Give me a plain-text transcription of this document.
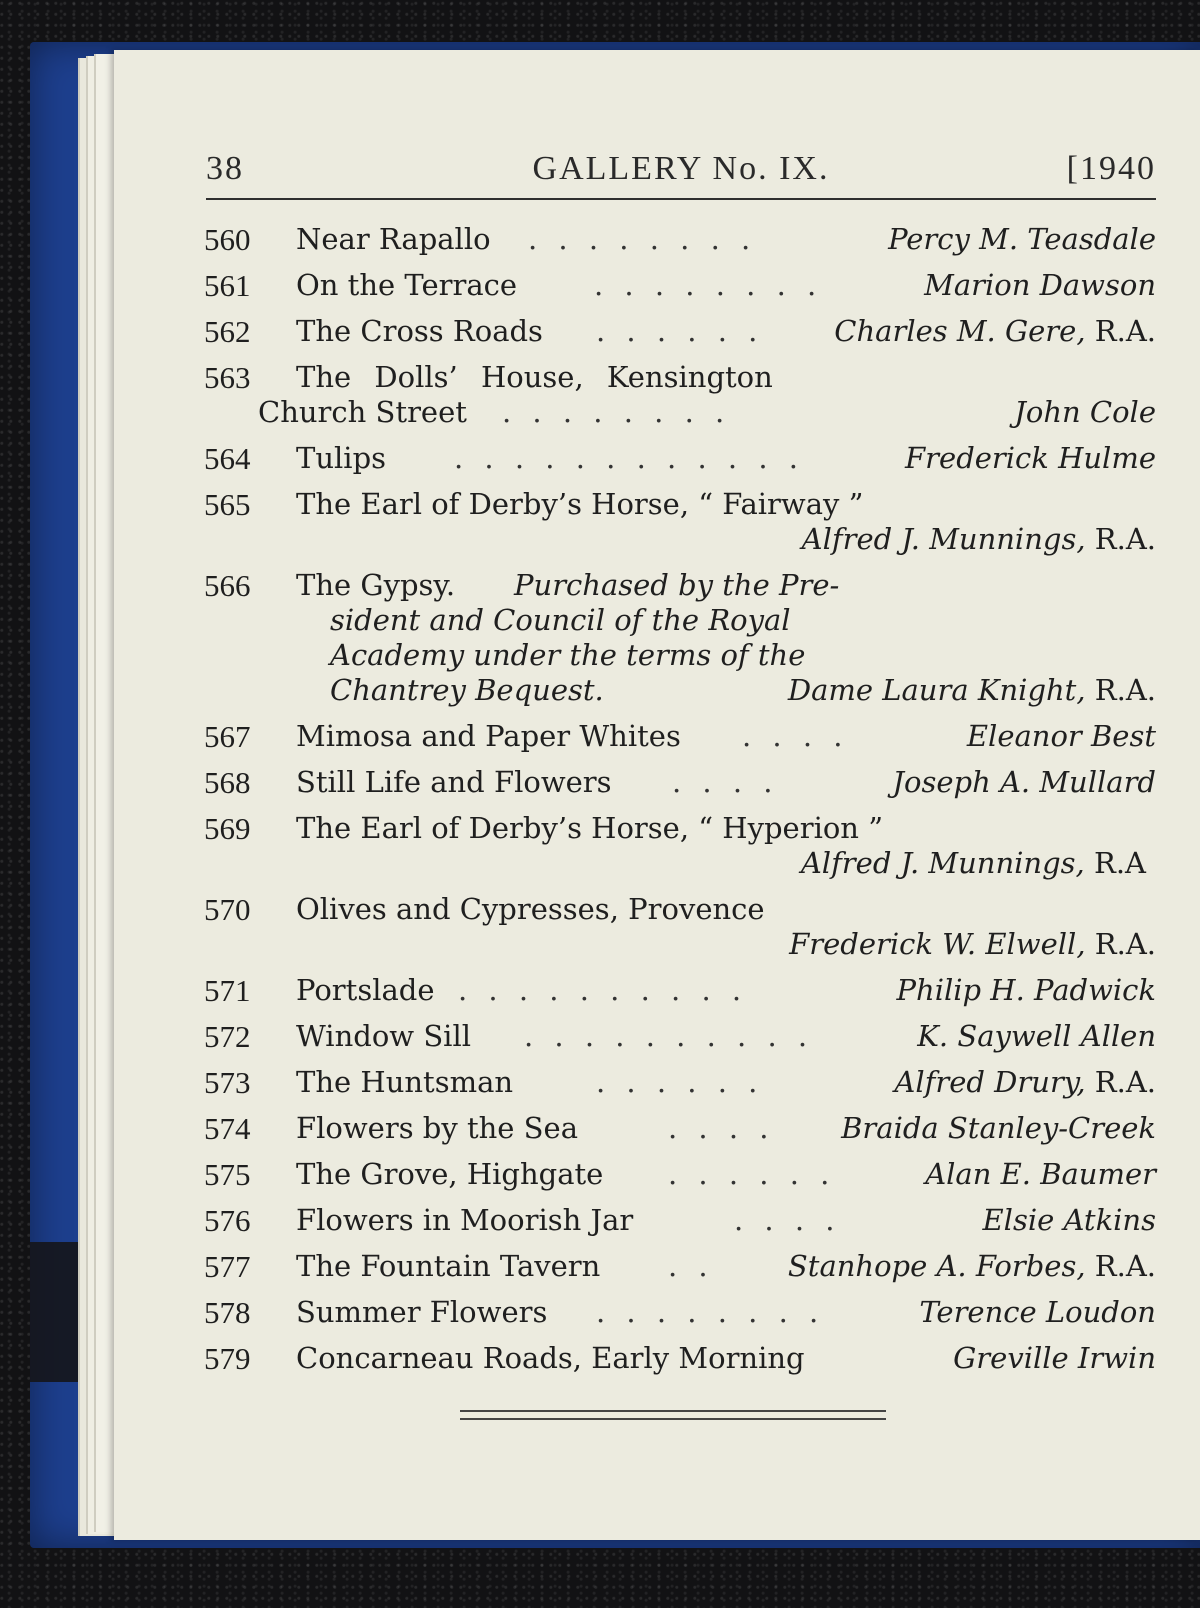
38	GALLERY No. IX.	[1940
560	Near Rapallo . . . . . . . .	Percy M. Teasdale
561	On the Terrace	. . . . . . . .	Marion Dawson
562	The Cross Roads . . . . . . Charles M. Gere, R.A.
563	The Dolls’ House, Kensington
Church Street . . . . . . . .	John Cole
564	Tulips . . . . . . . . . . . .	Frederick Hulme
565	The Earl of Derby’s Horse, “ Fairway ”
Alfred J. Munnings, R.A.
566	The Gypsy. Purchased by the Pre-
sident and Council of the Royal
Academy under the terms of the
Chantrey Bequest.	Dame Laura Knight, R.A.
567	Mimosa and Paper Whites . . . .	Eleanor Best
568	Still Life and Flowers . . . .	Joseph A. Mullard
569	The Earl of Derby’s Horse, “ Hyperion ”
Alfred J. Munnings, R.A
570	Olives and Cypresses, Provence
Frederick W. Elwell, R.A.
571	Portslade . . . . . . . . . .	Philip H. Padwick
572	Window Sill . . . . . . . . . .	K. Saywell Allen
573	The Huntsman	. . . . . .	Alfred Drury, R.A.
574	Flowers by the Sea	. . . . Braida Stanley-Creek
575	The Grove, Highgate . . . . . .	Alan E. Baumer
576	Flowers in Moorish Jar	. . . .	Elsie Atkins
577	The Fountain Tavern . .	Stanhope A. Forbes, R.A.
578	Summer Flowers . . . . . . . .	Terence Loudon
579	Concarneau Roads, Early Morning	Greville Irwin
